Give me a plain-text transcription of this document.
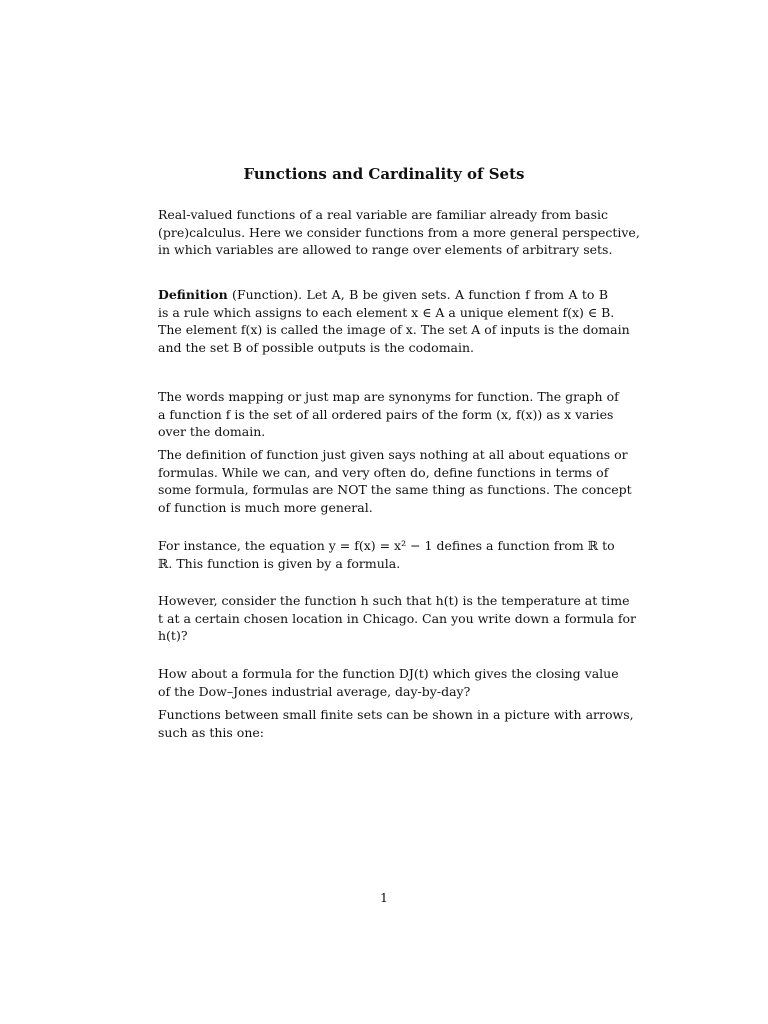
Functions and Cardinality of Sets
Real-valued functions of a real variable are familiar already from basic
(pre)calculus. Here we consider functions from a more general perspective,
in which variables are allowed to range over elements of arbitrary sets.
Definition (Function). Let A, B be given sets. A function f from A to B
is a rule which assigns to each element x ∈ A a unique element f(x) ∈ B.
The element f(x) is called the image of x. The set A of inputs is the domain
and the set B of possible outputs is the codomain.
The words mapping or just map are synonyms for function. The graph of
a function f is the set of all ordered pairs of the form (x, f(x)) as x varies
over the domain.
The definition of function just given says nothing at all about equations or
formulas. While we can, and very often do, define functions in terms of
some formula, formulas are NOT the same thing as functions. The concept
of function is much more general.
For instance, the equation y = f(x) = x² − 1 defines a function from ℝ to
ℝ. This function is given by a formula.
However, consider the function h such that h(t) is the temperature at time
t at a certain chosen location in Chicago. Can you write down a formula for
h(t)?
How about a formula for the function DJ(t) which gives the closing value
of the Dow–Jones industrial average, day-by-day?
Functions between small finite sets can be shown in a picture with arrows,
such as this one:
1
